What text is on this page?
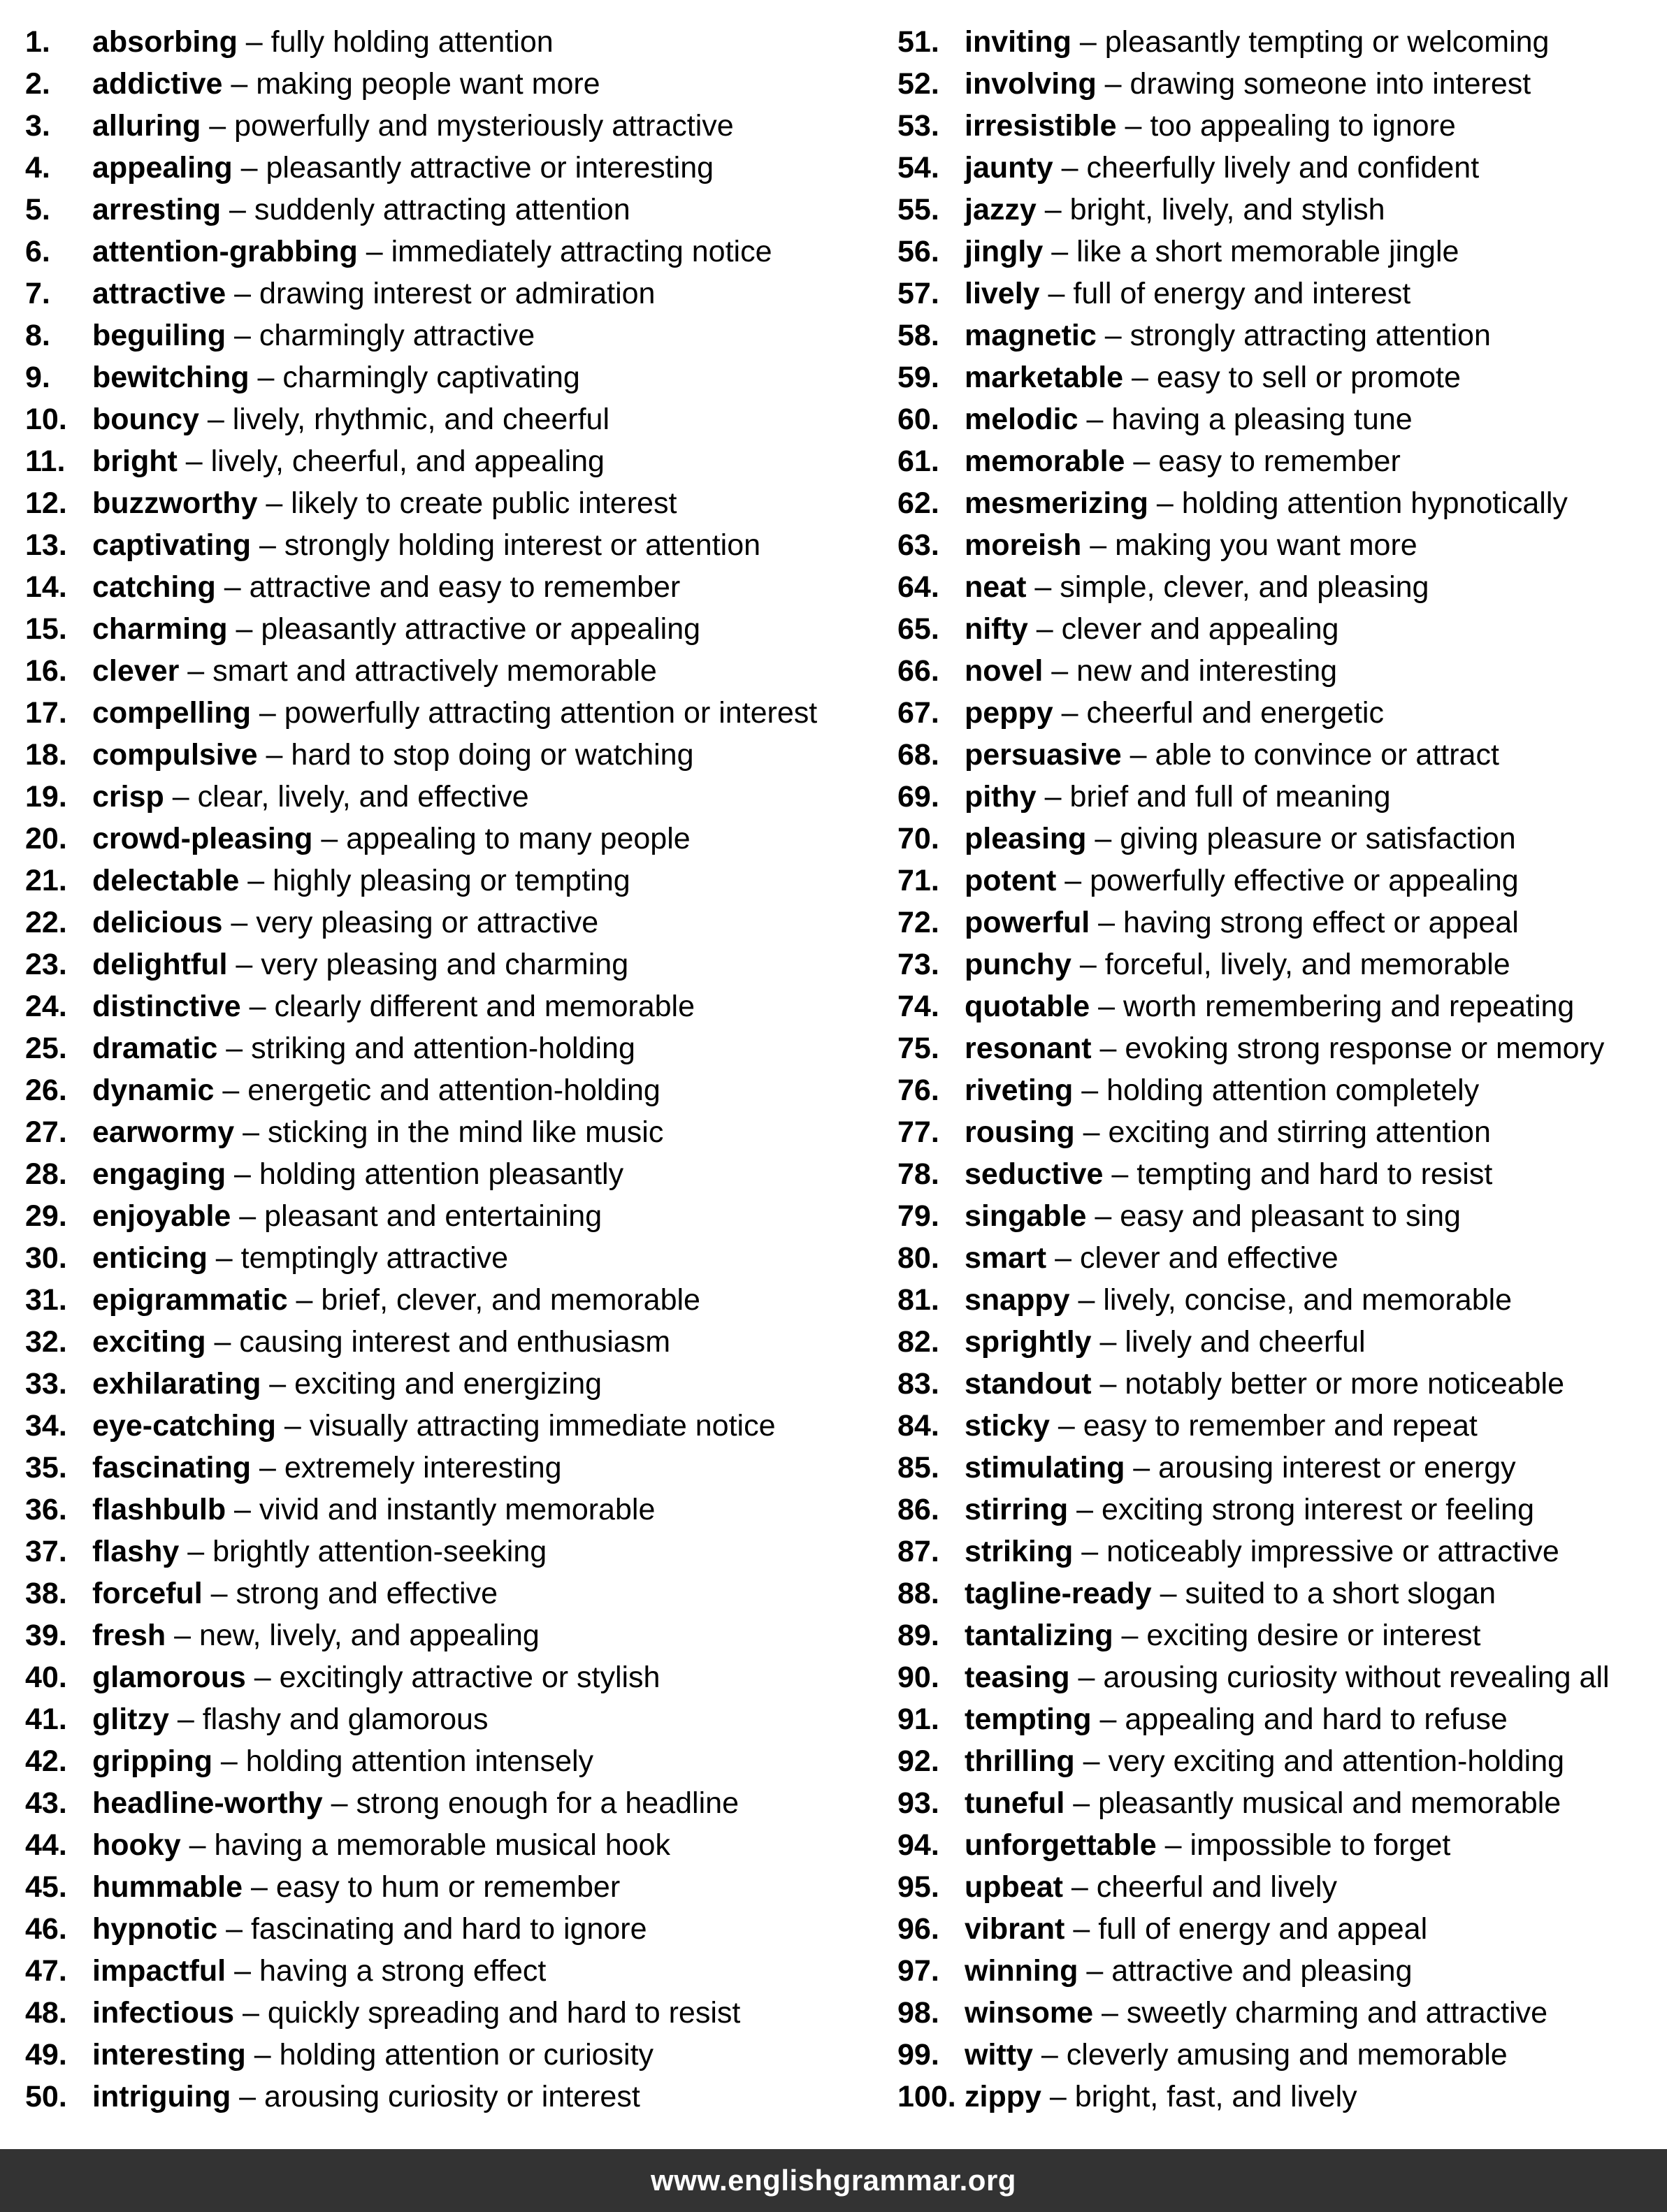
1. absorbing – fully holding attention
2. addictive – making people want more
3. alluring – powerfully and mysteriously attractive
4. appealing – pleasantly attractive or interesting
5. arresting – suddenly attracting attention
6. attention-grabbing – immediately attracting notice
7. attractive – drawing interest or admiration
8. beguiling – charmingly attractive
9. bewitching – charmingly captivating
10. bouncy – lively, rhythmic, and cheerful
11. bright – lively, cheerful, and appealing
12. buzzworthy – likely to create public interest
13. captivating – strongly holding interest or attention
14. catching – attractive and easy to remember
15. charming – pleasantly attractive or appealing
16. clever – smart and attractively memorable
17. compelling – powerfully attracting attention or interest
18. compulsive – hard to stop doing or watching
19. crisp – clear, lively, and effective
20. crowd-pleasing – appealing to many people
21. delectable – highly pleasing or tempting
22. delicious – very pleasing or attractive
23. delightful – very pleasing and charming
24. distinctive – clearly different and memorable
25. dramatic – striking and attention-holding
26. dynamic – energetic and attention-holding
27. earwormy – sticking in the mind like music
28. engaging – holding attention pleasantly
29. enjoyable – pleasant and entertaining
30. enticing – temptingly attractive
31. epigrammatic – brief, clever, and memorable
32. exciting – causing interest and enthusiasm
33. exhilarating – exciting and energizing
34. eye-catching – visually attracting immediate notice
35. fascinating – extremely interesting
36. flashbulb – vivid and instantly memorable
37. flashy – brightly attention-seeking
38. forceful – strong and effective
39. fresh – new, lively, and appealing
40. glamorous – excitingly attractive or stylish
41. glitzy – flashy and glamorous
42. gripping – holding attention intensely
43. headline-worthy – strong enough for a headline
44. hooky – having a memorable musical hook
45. hummable – easy to hum or remember
46. hypnotic – fascinating and hard to ignore
47. impactful – having a strong effect
48. infectious – quickly spreading and hard to resist
49. interesting – holding attention or curiosity
50. intriguing – arousing curiosity or interest
51. inviting – pleasantly tempting or welcoming
52. involving – drawing someone into interest
53. irresistible – too appealing to ignore
54. jaunty – cheerfully lively and confident
55. jazzy – bright, lively, and stylish
56. jingly – like a short memorable jingle
57. lively – full of energy and interest
58. magnetic – strongly attracting attention
59. marketable – easy to sell or promote
60. melodic – having a pleasing tune
61. memorable – easy to remember
62. mesmerizing – holding attention hypnotically
63. moreish – making you want more
64. neat – simple, clever, and pleasing
65. nifty – clever and appealing
66. novel – new and interesting
67. peppy – cheerful and energetic
68. persuasive – able to convince or attract
69. pithy – brief and full of meaning
70. pleasing – giving pleasure or satisfaction
71. potent – powerfully effective or appealing
72. powerful – having strong effect or appeal
73. punchy – forceful, lively, and memorable
74. quotable – worth remembering and repeating
75. resonant – evoking strong response or memory
76. riveting – holding attention completely
77. rousing – exciting and stirring attention
78. seductive – tempting and hard to resist
79. singable – easy and pleasant to sing
80. smart – clever and effective
81. snappy – lively, concise, and memorable
82. sprightly – lively and cheerful
83. standout – notably better or more noticeable
84. sticky – easy to remember and repeat
85. stimulating – arousing interest or energy
86. stirring – exciting strong interest or feeling
87. striking – noticeably impressive or attractive
88. tagline-ready – suited to a short slogan
89. tantalizing – exciting desire or interest
90. teasing – arousing curiosity without revealing all
91. tempting – appealing and hard to refuse
92. thrilling – very exciting and attention-holding
93. tuneful – pleasantly musical and memorable
94. unforgettable – impossible to forget
95. upbeat – cheerful and lively
96. vibrant – full of energy and appeal
97. winning – attractive and pleasing
98. winsome – sweetly charming and attractive
99. witty – cleverly amusing and memorable
100. zippy – bright, fast, and lively
www.englishgrammar.org
